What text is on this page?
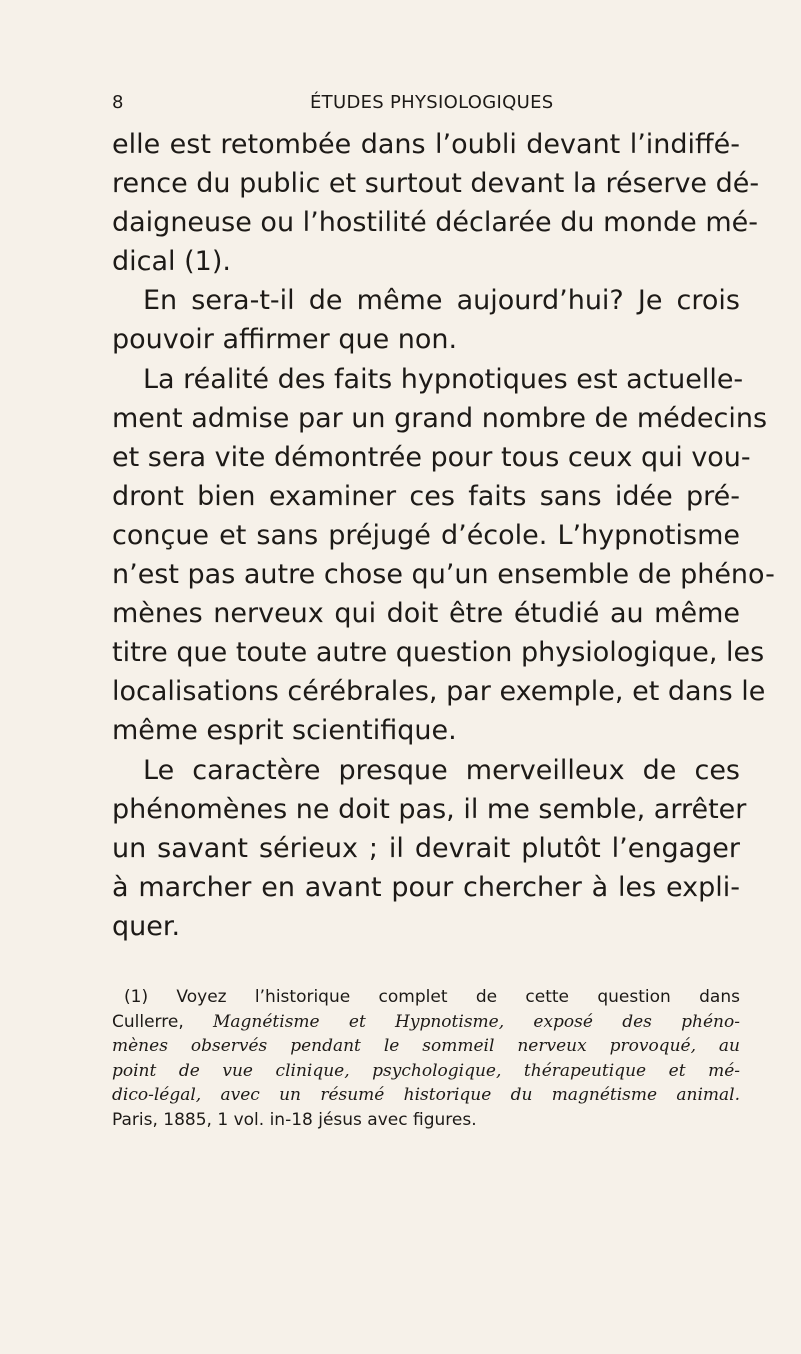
8	ÉTUDES PHYSIOLOGIQUES
elle est retombée dans l’oubli devant l’indiffé-
rence du public et surtout devant la réserve dé-
daigneuse ou l’hostilité déclarée du monde mé-
dical (1).
En sera-t-il de même aujourd’hui? Je crois
pouvoir affirmer que non.
La réalité des faits hypnotiques est actuelle-
ment admise par un grand nombre de médecins
et sera vite démontrée pour tous ceux qui vou-
dront bien examiner ces faits sans idée pré-
conçue et sans préjugé d’école. L’hypnotisme
n’est pas autre chose qu’un ensemble de phéno-
mènes nerveux qui doit être étudié au même
titre que toute autre question physiologique, les
localisations cérébrales, par exemple, et dans le
même esprit scientifique.
Le caractère presque merveilleux de ces
phénomènes ne doit pas, il me semble, arrêter
un savant sérieux ; il devrait plutôt l’engager
à marcher en avant pour chercher à les expli-
quer.
(1) Voyez l’historique complet de cette question dans
Cullerre, Magnétisme et Hypnotisme, exposé des phéno-
mènes observés pendant le sommeil nerveux provoqué, au
point de vue clinique, psychologique, thérapeutique et mé-
dico-légal, avec un résumé historique du magnétisme animal.
Paris, 1885, 1 vol. in-18 jésus avec figures.
